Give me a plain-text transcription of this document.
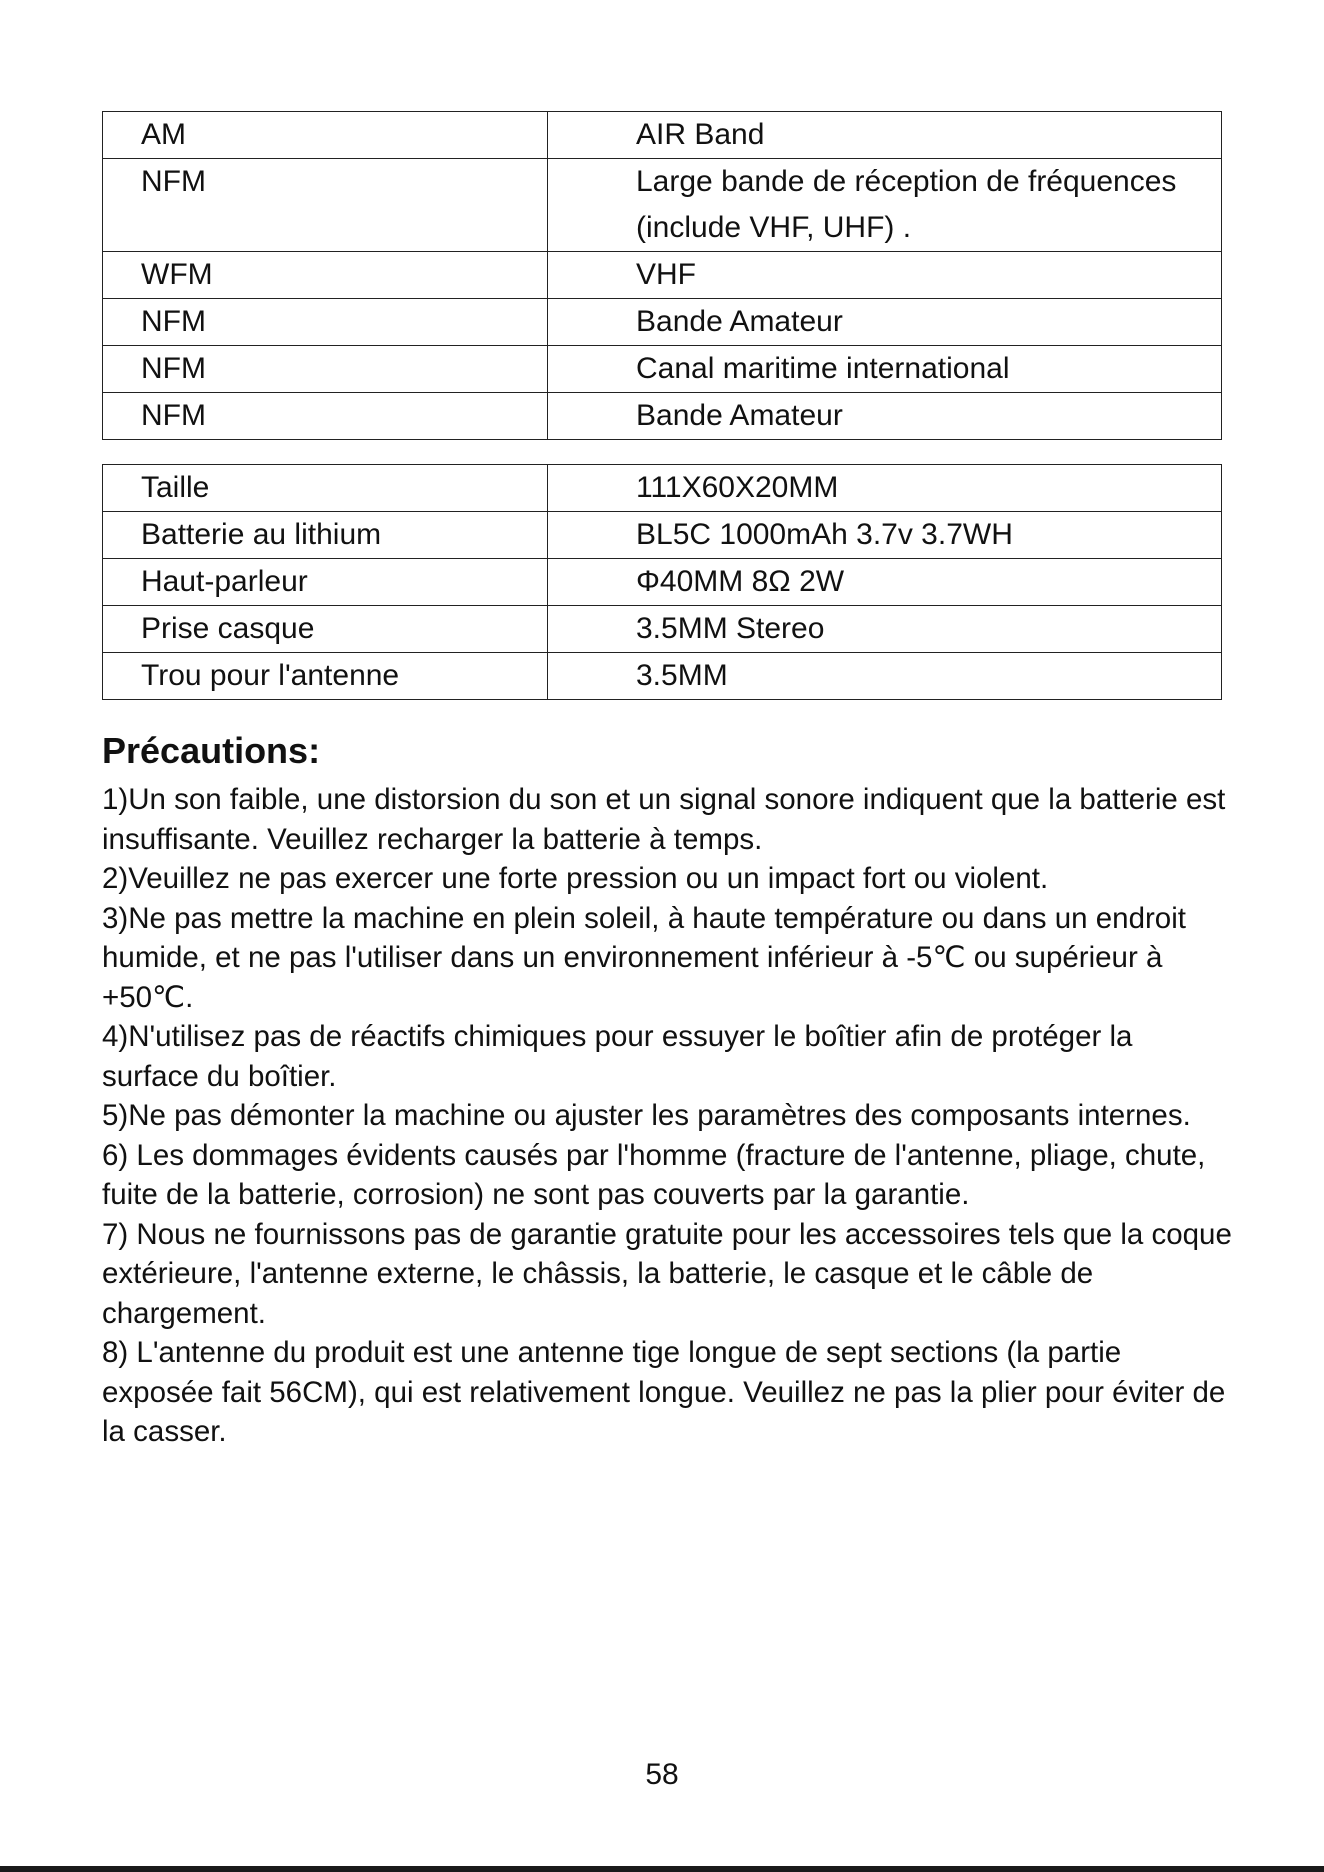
AM	AIR Band
NFM	Large bande de réception de fréquences (include VHF, UHF) .
WFM	VHF
NFM	Bande Amateur
NFM	Canal maritime international
NFM	Bande Amateur
Taille	111X60X20MM
Batterie au lithium	BL5C 1000mAh 3.7v 3.7WH
Haut-parleur	Φ40MM 8Ω 2W
Prise casque	3.5MM Stereo
Trou pour l'antenne	3.5MM
Précautions:

1)Un son faible, une distorsion du son et un signal sonore indiquent que la batterie est insuffisante. Veuillez recharger la batterie à temps.

2)Veuillez ne pas exercer une forte pression ou un impact fort ou violent.

3)Ne pas mettre la machine en plein soleil, à haute température ou dans un endroit humide, et ne pas l'utiliser dans un environnement inférieur à -5℃ ou supérieur à +50℃.

4)N'utilisez pas de réactifs chimiques pour essuyer le boîtier afin de protéger la surface du boîtier.

5)Ne pas démonter la machine ou ajuster les paramètres des composants internes.

6) Les dommages évidents causés par l'homme (fracture de l'antenne, pliage, chute, fuite de la batterie, corrosion) ne sont pas couverts par la garantie.

7) Nous ne fournissons pas de garantie gratuite pour les accessoires tels que la coque extérieure, l'antenne externe, le châssis, la batterie, le casque et le câble de chargement.

8) L'antenne du produit est une antenne tige longue de sept sections (la partie exposée fait 56CM), qui est relativement longue. Veuillez ne pas la plier pour éviter de la casser.

58
